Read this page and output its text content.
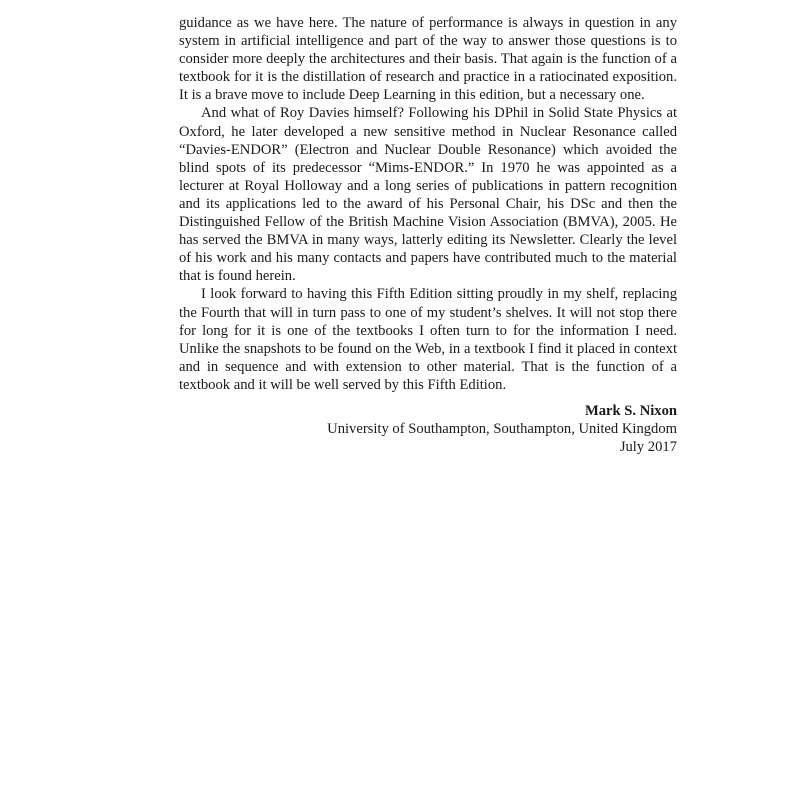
guidance as we have here. The nature of performance is always in question in any system in artificial intelligence and part of the way to answer those questions is to consider more deeply the architectures and their basis. That again is the function of a textbook for it is the distillation of research and practice in a ratiocinated exposition. It is a brave move to include Deep Learning in this edition, but a necessary one.

And what of Roy Davies himself? Following his DPhil in Solid State Physics at Oxford, he later developed a new sensitive method in Nuclear Resonance called “Davies-ENDOR” (Electron and Nuclear Double Resonance) which avoided the blind spots of its predecessor “Mims-ENDOR.” In 1970 he was appointed as a lecturer at Royal Holloway and a long series of publications in pattern recognition and its applications led to the award of his Personal Chair, his DSc and then the Distinguished Fellow of the British Machine Vision Association (BMVA), 2005. He has served the BMVA in many ways, latterly editing its Newsletter. Clearly the level of his work and his many contacts and papers have contributed much to the material that is found herein.

I look forward to having this Fifth Edition sitting proudly in my shelf, replacing the Fourth that will in turn pass to one of my student’s shelves. It will not stop there for long for it is one of the textbooks I often turn to for the information I need. Unlike the snapshots to be found on the Web, in a textbook I find it placed in context and in sequence and with extension to other material. That is the function of a textbook and it will be well served by this Fifth Edition.

Mark S. Nixon
University of Southampton, Southampton, United Kingdom
July 2017
